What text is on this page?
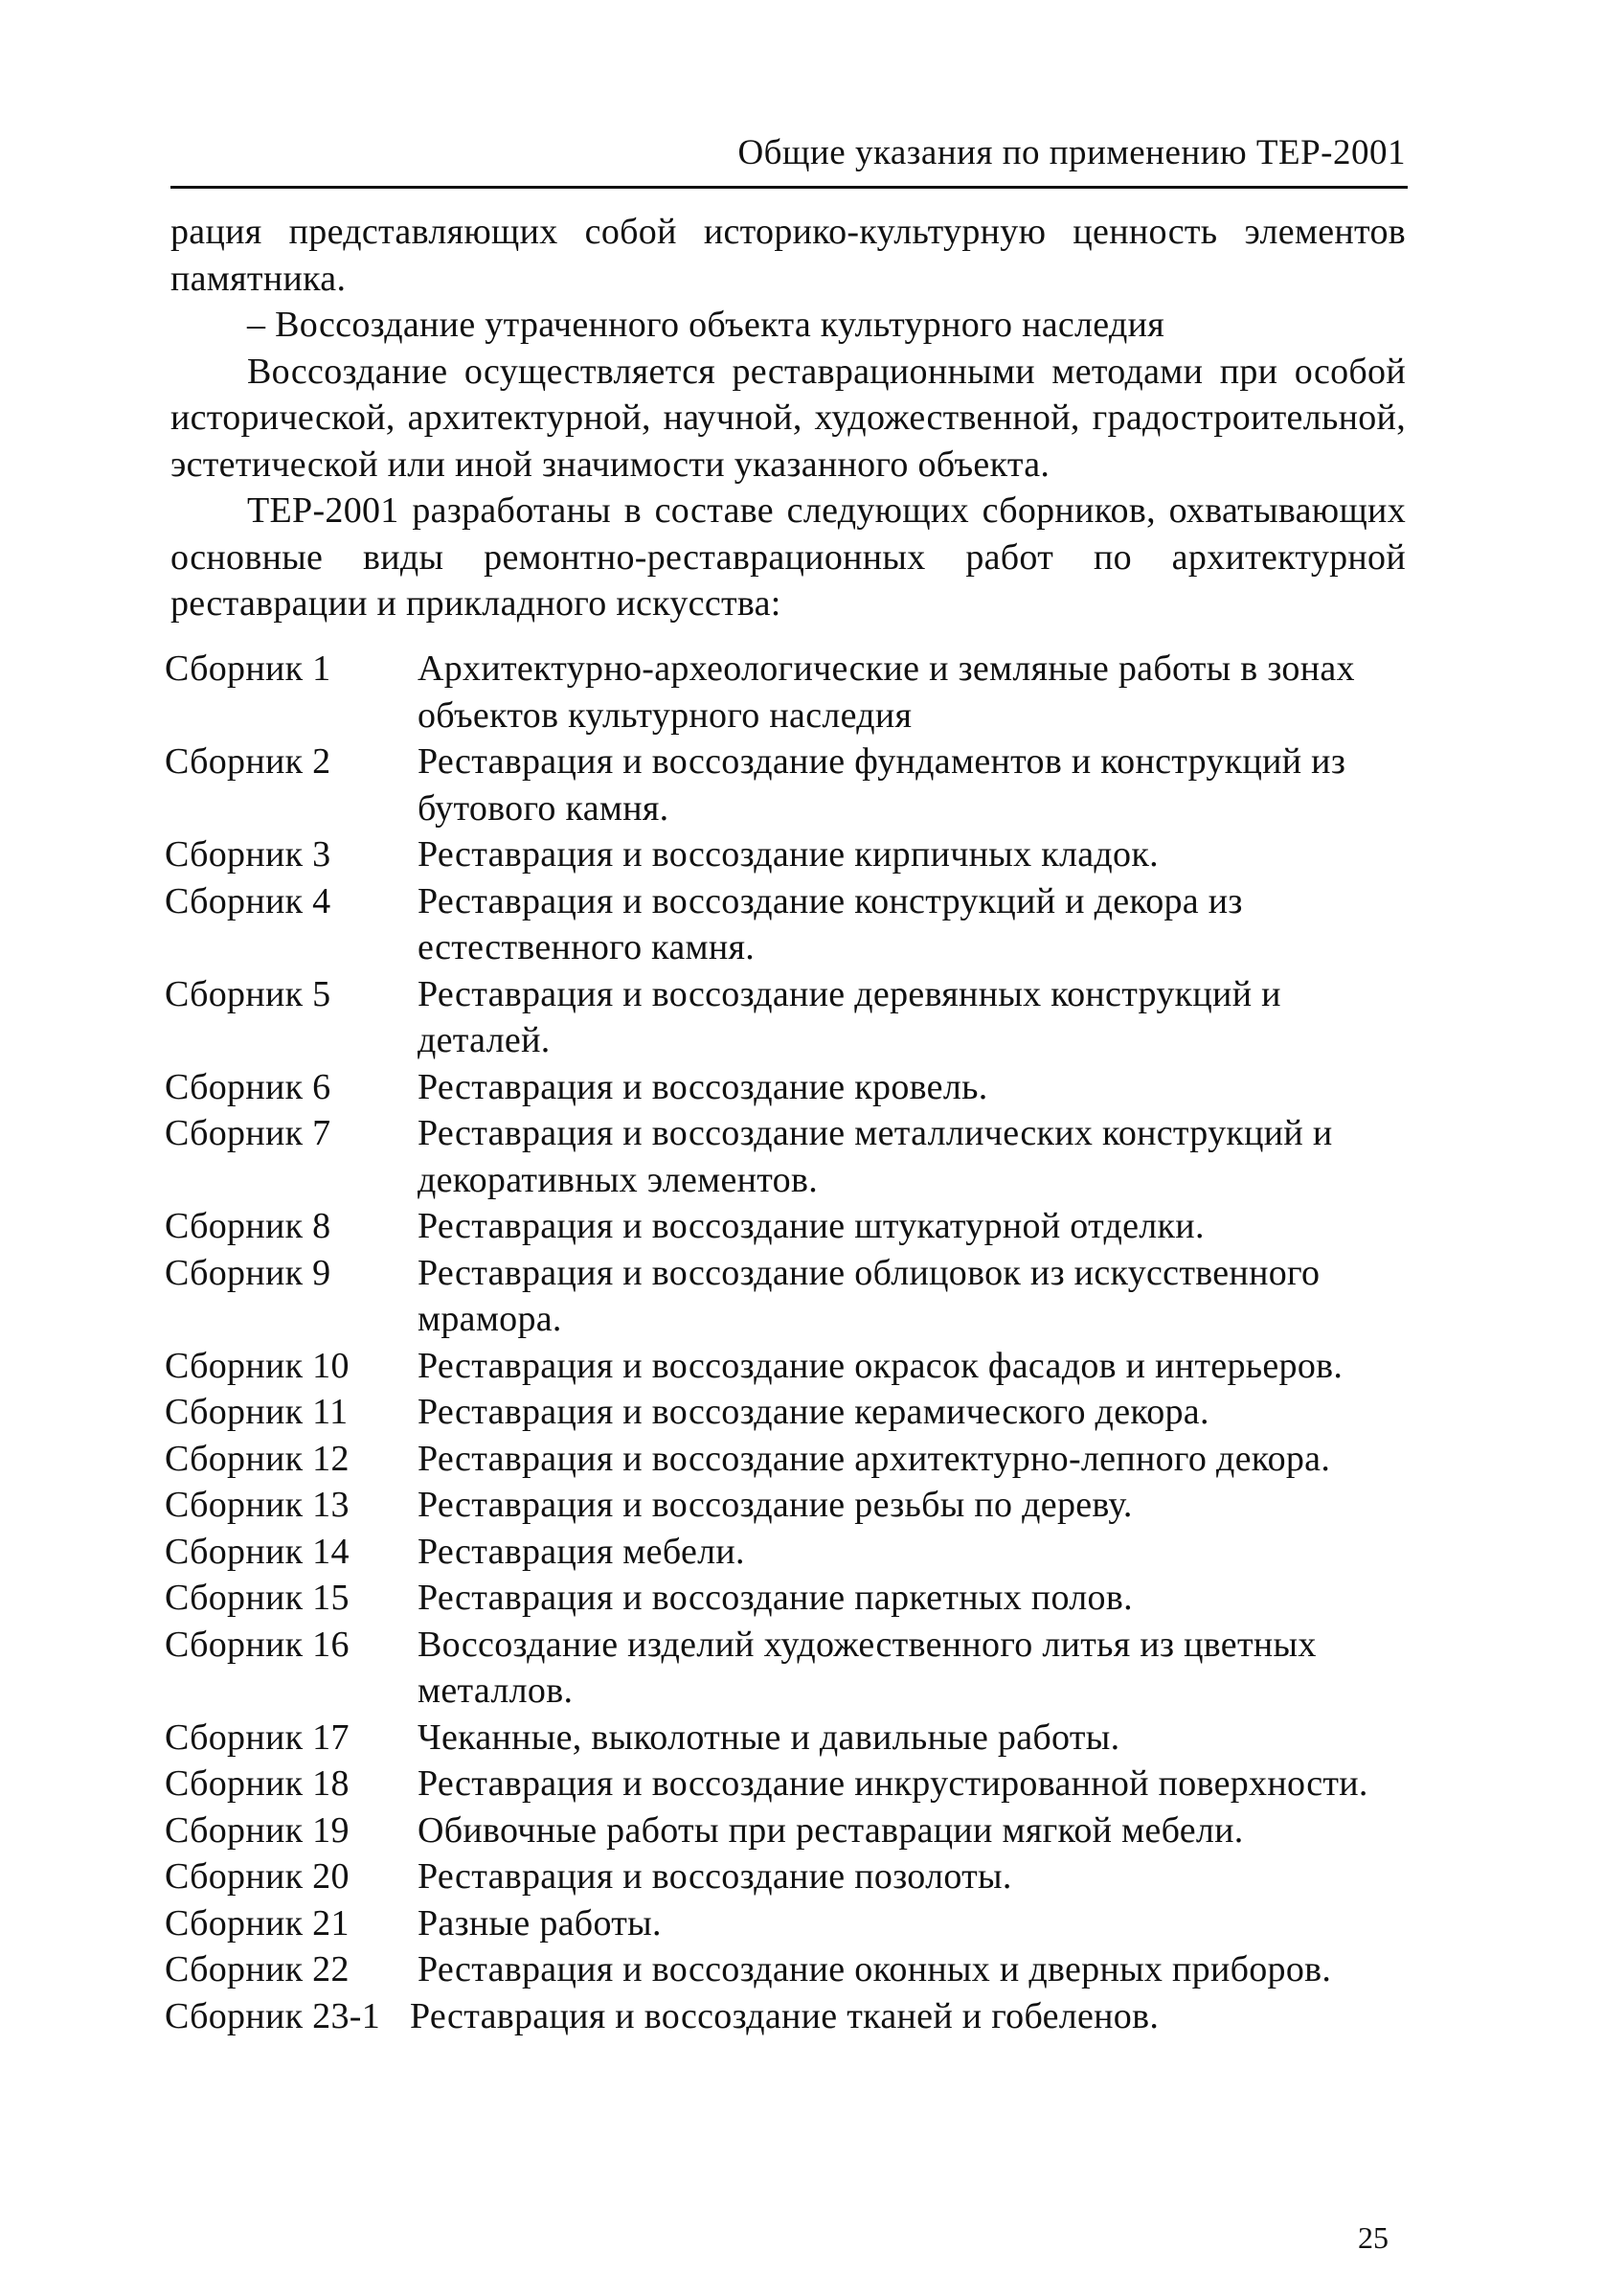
Общие указания по применению ТЕР-2001

рация представляющих собой историко-культурную ценность элементов памятника.

– Воссоздание утраченного объекта культурного наследия

Воссоздание осуществляется реставрационными методами при особой исторической, архитектурной, научной, художественной, градостроительной, эстетической или иной значимости указанного объекта.

ТЕР-2001 разработаны в составе следующих сборников, охватывающих основные виды ремонтно-реставрационных работ по архитектурной реставрации и прикладного искусства:

Сборник 1	Архитектурно-археологические и земляные работы в зонах объектов культурного наследия
Сборник 2	Реставрация и воссоздание фундаментов и конструкций из бутового камня.
Сборник 3	Реставрация и воссоздание кирпичных кладок.
Сборник 4	Реставрация и воссоздание конструкций и декора из естественного камня.
Сборник 5	Реставрация и воссоздание деревянных конструкций и деталей.
Сборник 6	Реставрация и воссоздание кровель.
Сборник 7	Реставрация и воссоздание металлических конструкций и декоративных элементов.
Сборник 8	Реставрация и воссоздание штукатурной отделки.
Сборник 9	Реставрация и воссоздание облицовок из искусственного мрамора.
Сборник 10	Реставрация и воссоздание окрасок фасадов и интерьеров.
Сборник 11	Реставрация и воссоздание керамического декора.
Сборник 12	Реставрация и воссоздание архитектурно-лепного декора.
Сборник 13	Реставрация и воссоздание резьбы по дереву.
Сборник 14	Реставрация мебели.
Сборник 15	Реставрация и воссоздание паркетных полов.
Сборник 16	Воссоздание изделий художественного литья из цветных металлов.
Сборник 17	Чеканные, выколотные и давильные работы.
Сборник 18	Реставрация и воссоздание инкрустированной поверхности.
Сборник 19	Обивочные работы при реставрации мягкой мебели.
Сборник 20	Реставрация и воссоздание позолоты.
Сборник 21	Разные работы.
Сборник 22	Реставрация и воссоздание оконных и дверных приборов.
Сборник 23-1 Реставрация и воссоздание тканей и гобеленов.
25
